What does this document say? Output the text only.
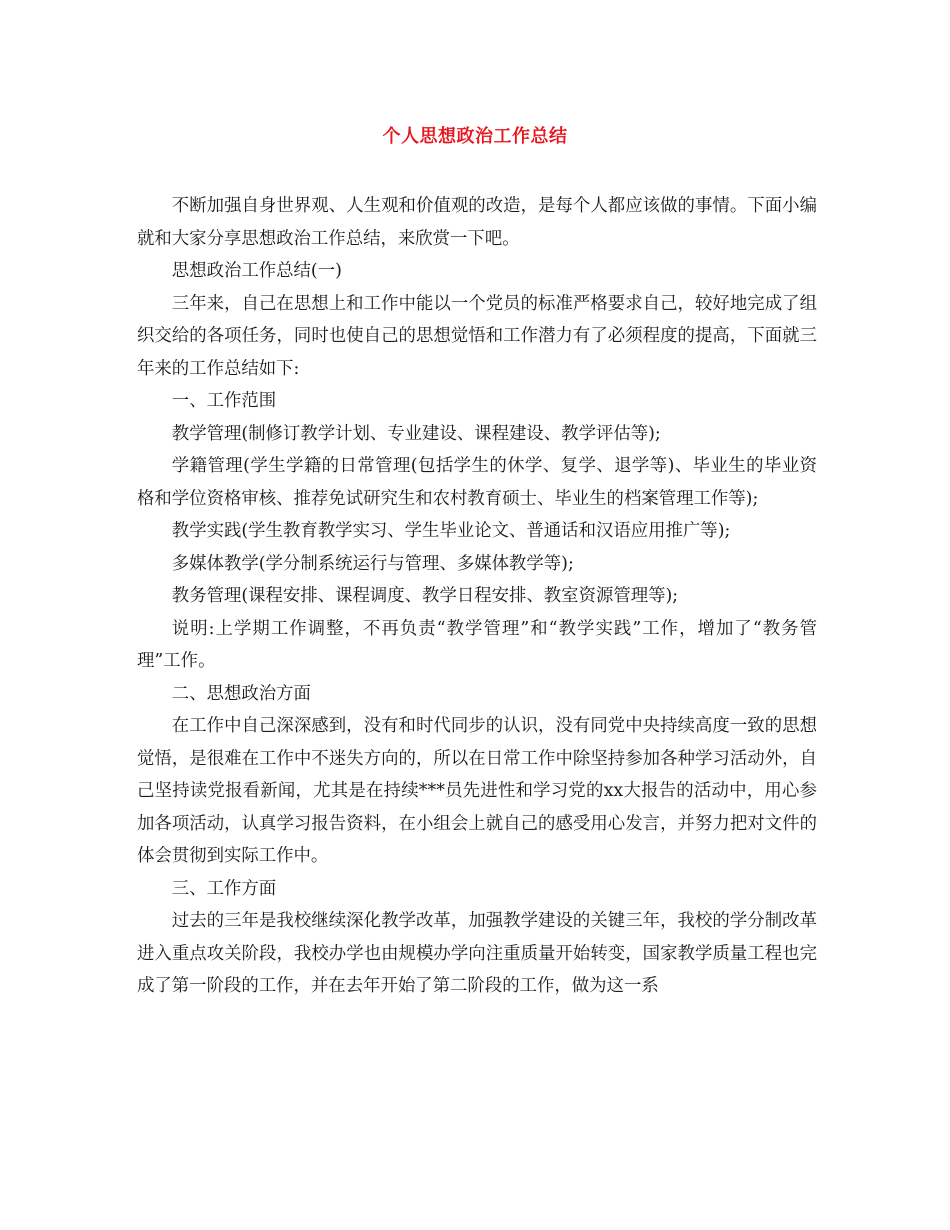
个人思想政治工作总结

不断加强自身世界观、人生观和价值观的改造，是每个人都应该做的事情。下面小编就和大家分享思想政治工作总结，来欣赏一下吧。

思想政治工作总结(一)

三年来，自己在思想上和工作中能以一个党员的标准严格要求自己，较好地完成了组织交给的各项任务，同时也使自己的思想觉悟和工作潜力有了必须程度的提高，下面就三年来的工作总结如下:

一、工作范围

教学管理(制修订教学计划、专业建设、课程建设、教学评估等);

学籍管理(学生学籍的日常管理(包括学生的休学、复学、退学等)、毕业生的毕业资格和学位资格审核、推荐免试研究生和农村教育硕士、毕业生的档案管理工作等);

教学实践(学生教育教学实习、学生毕业论文、普通话和汉语应用推广等);

多媒体教学(学分制系统运行与管理、多媒体教学等);

教务管理(课程安排、课程调度、教学日程安排、教室资源管理等);

说明:上学期工作调整，不再负责“教学管理”和“教学实践”工作，增加了“教务管理”工作。

二、思想政治方面

在工作中自己深深感到，没有和时代同步的认识，没有同党中央持续高度一致的思想觉悟，是很难在工作中不迷失方向的，所以在日常工作中除坚持参加各种学习活动外，自己坚持读党报看新闻，尤其是在持续***员先进性和学习党的xx大报告的活动中，用心参加各项活动，认真学习报告资料，在小组会上就自己的感受用心发言，并努力把对文件的体会贯彻到实际工作中。

三、工作方面

过去的三年是我校继续深化教学改革，加强教学建设的关键三年，我校的学分制改革进入重点攻关阶段，我校办学也由规模办学向注重质量开始转变，国家教学质量工程也完成了第一阶段的工作，并在去年开始了第二阶段的工作，做为这一系
